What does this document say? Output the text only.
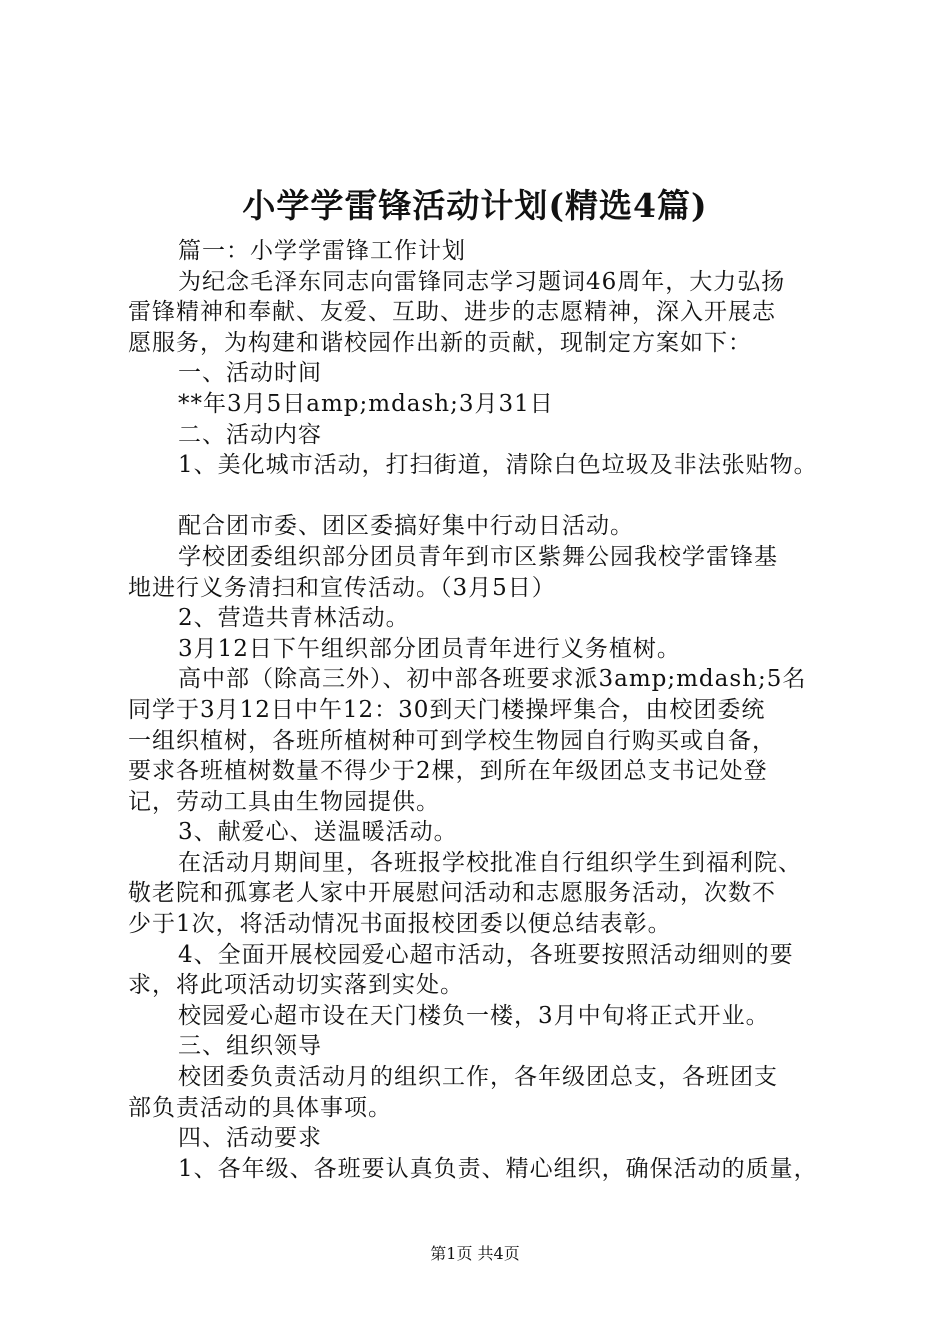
小学学雷锋活动计划(精选4篇)
篇一：小学学雷锋工作计划
为纪念毛泽东同志向雷锋同志学习题词46周年，大力弘扬
雷锋精神和奉献、友爱、互助、进步的志愿精神，深入开展志
愿服务，为构建和谐校园作出新的贡献，现制定方案如下：
一、活动时间
**年3月5日amp;mdash;3月31日
二、活动内容
1、美化城市活动，打扫街道，清除白色垃圾及非法张贴物。
配合团市委、团区委搞好集中行动日活动。
学校团委组织部分团员青年到市区紫舞公园我校学雷锋基
地进行义务清扫和宣传活动。（3月5日）
2、营造共青林活动。
3月12日下午组织部分团员青年进行义务植树。
高中部（除高三外）、初中部各班要求派3amp;mdash;5名
同学于3月12日中午12：30到天门楼操坪集合，由校团委统
一组织植树，各班所植树种可到学校生物园自行购买或自备，
要求各班植树数量不得少于2棵，到所在年级团总支书记处登
记，劳动工具由生物园提供。
3、献爱心、送温暖活动。
在活动月期间里，各班报学校批准自行组织学生到福利院、
敬老院和孤寡老人家中开展慰问活动和志愿服务活动，次数不
少于1次，将活动情况书面报校团委以便总结表彰。
4、全面开展校园爱心超市活动，各班要按照活动细则的要
求，将此项活动切实落到实处。
校园爱心超市设在天门楼负一楼，3月中旬将正式开业。
三、组织领导
校团委负责活动月的组织工作，各年级团总支，各班团支
部负责活动的具体事项。
四、活动要求
1、各年级、各班要认真负责、精心组织，确保活动的质量，
第1页 共4页
